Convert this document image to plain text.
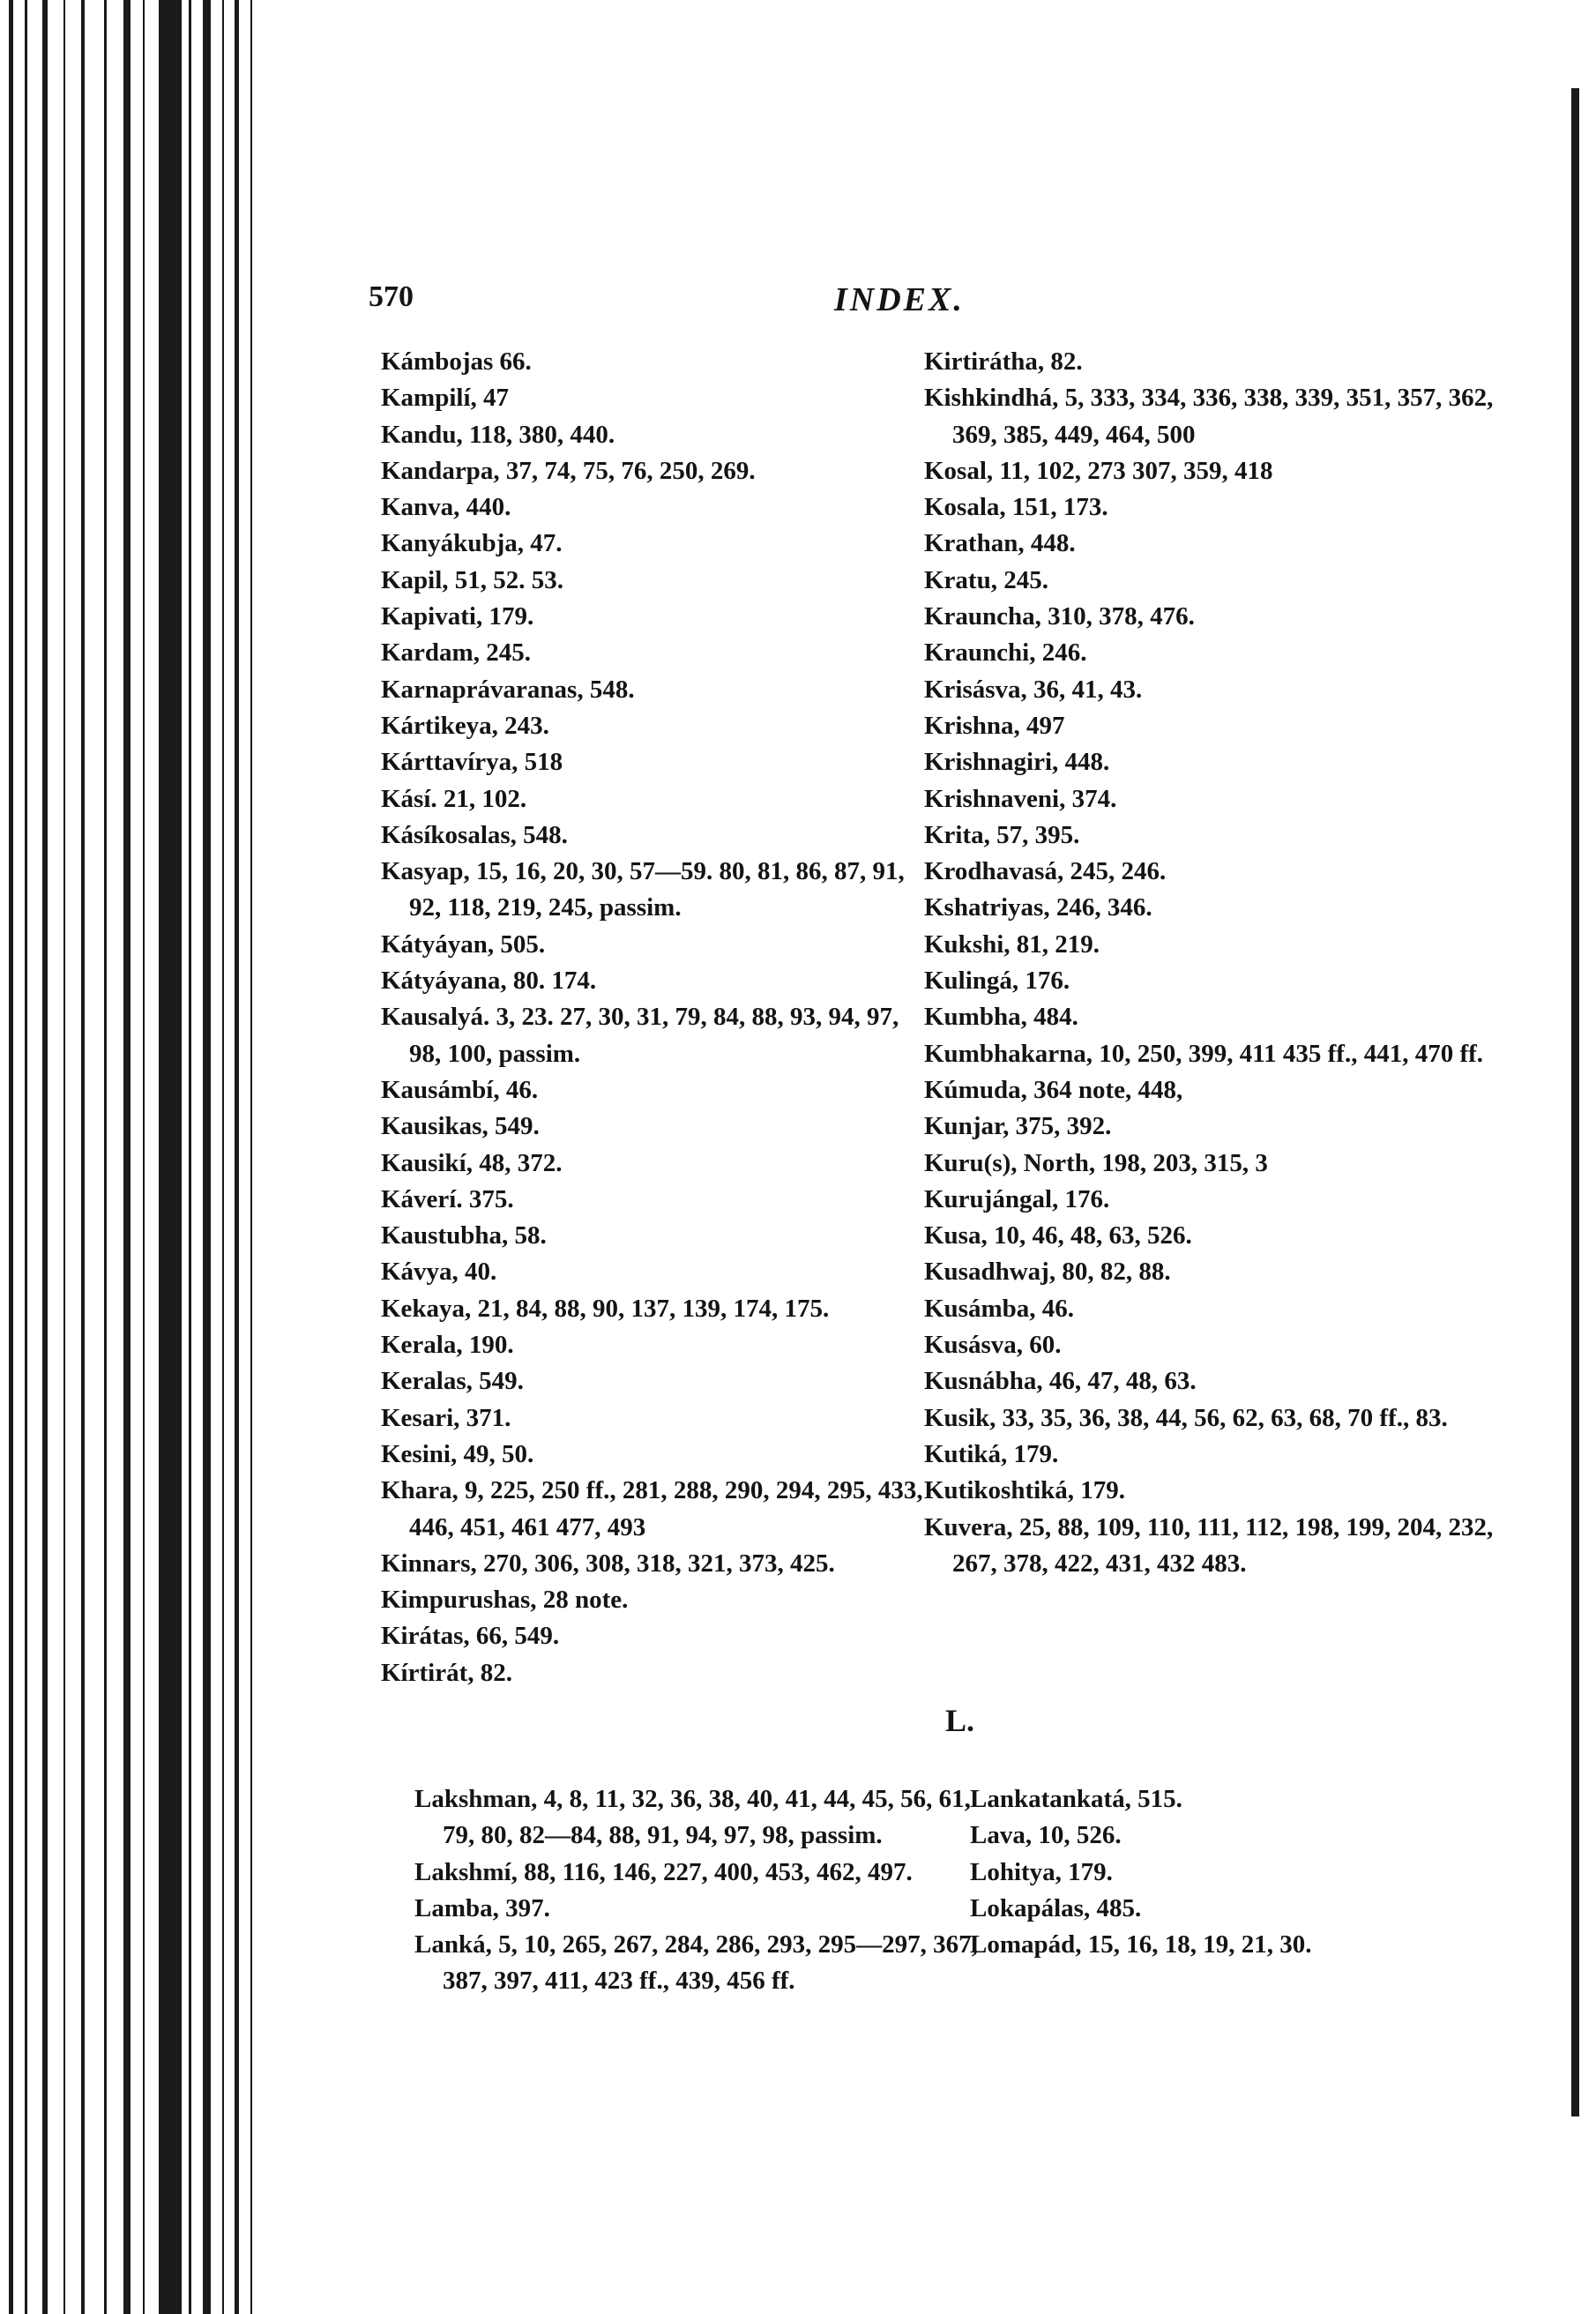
570	INDEX.
Kámbojas 66.
Kampilí, 47
Kandu, 118, 380, 440.
Kandarpa, 37, 74, 75, 76, 250, 269.
Kanva, 440.
Kanyákubja, 47.
Kapil, 51, 52. 53.
Kapivati, 179.
Kardam, 245.
Karnaprávaranas, 548.
Kártikeya, 243.
Kárttavírya, 518
Kásí. 21, 102.
Kásíkosalas, 548.
Kasyap, 15, 16, 20, 30, 57—59. 80, 81, 86, 87, 91, 92, 118, 219, 245, passim.
Kátyáyan, 505.
Kátyáyana, 80. 174.
Kausalyá. 3, 23. 27, 30, 31, 79, 84, 88, 93, 94, 97, 98, 100, passim.
Kausámbí, 46.
Kausikas, 549.
Kausikí, 48, 372.
Káverí. 375.
Kaustubha, 58.
Kávya, 40.
Kekaya, 21, 84, 88, 90, 137, 139, 174, 175.
Kerala, 190.
Keralas, 549.
Kesari, 371.
Kesini, 49, 50.
Khara, 9, 225, 250 ff., 281, 288, 290, 294, 295, 433, 446, 451, 461 477, 493
Kinnars, 270, 306, 308, 318, 321, 373, 425.
Kimpurushas, 28 note.
Kirátas, 66, 549.
Kírtirát, 82.
Kirtirátha, 82.
Kishkindhá, 5, 333, 334, 336, 338, 339, 351, 357, 362, 369, 385, 449, 464, 500
Kosal, 11, 102, 273 307, 359, 418
Kosala, 151, 173.
Krathan, 448.
Kratu, 245.
Krauncha, 310, 378, 476.
Kraunchi, 246.
Krisásva, 36, 41, 43.
Krishna, 497
Krishnagiri, 448.
Krishnaveni, 374.
Krita, 57, 395.
Krodhavasá, 245, 246.
Kshatriyas, 246, 346.
Kukshi, 81, 219.
Kulingá, 176.
Kumbha, 484.
Kumbhakarna, 10, 250, 399, 411 435 ff., 441, 470 ff.
Kúmuda, 364 note, 448,
Kunjar, 375, 392.
Kuru(s), North, 198, 203, 315, 3
Kurujángal, 176.
Kusa, 10, 46, 48, 63, 526.
Kusadhwaj, 80, 82, 88.
Kusámba, 46.
Kusásva, 60.
Kusnábha, 46, 47, 48, 63.
Kusik, 33, 35, 36, 38, 44, 56, 62, 63, 68, 70 ff., 83.
Kutiká, 179.
Kutikoshtiká, 179.
Kuvera, 25, 88, 109, 110, 111, 112, 198, 199, 204, 232, 267, 378, 422, 431, 432 483.
L.
Lakshman, 4, 8, 11, 32, 36, 38, 40, 41, 44, 45, 56, 61, 79, 80, 82—84, 88, 91, 94, 97, 98, passim.
Lakshmí, 88, 116, 146, 227, 400, 453, 462, 497.
Lamba, 397.
Lanká, 5, 10, 265, 267, 284, 286, 293, 295—297, 367, 387, 397, 411, 423 ff., 439, 456 ff.
Lankatankatá, 515.
Lava, 10, 526.
Lohitya, 179.
Lokapálas, 485.
Lomapád, 15, 16, 18, 19, 21, 30.
